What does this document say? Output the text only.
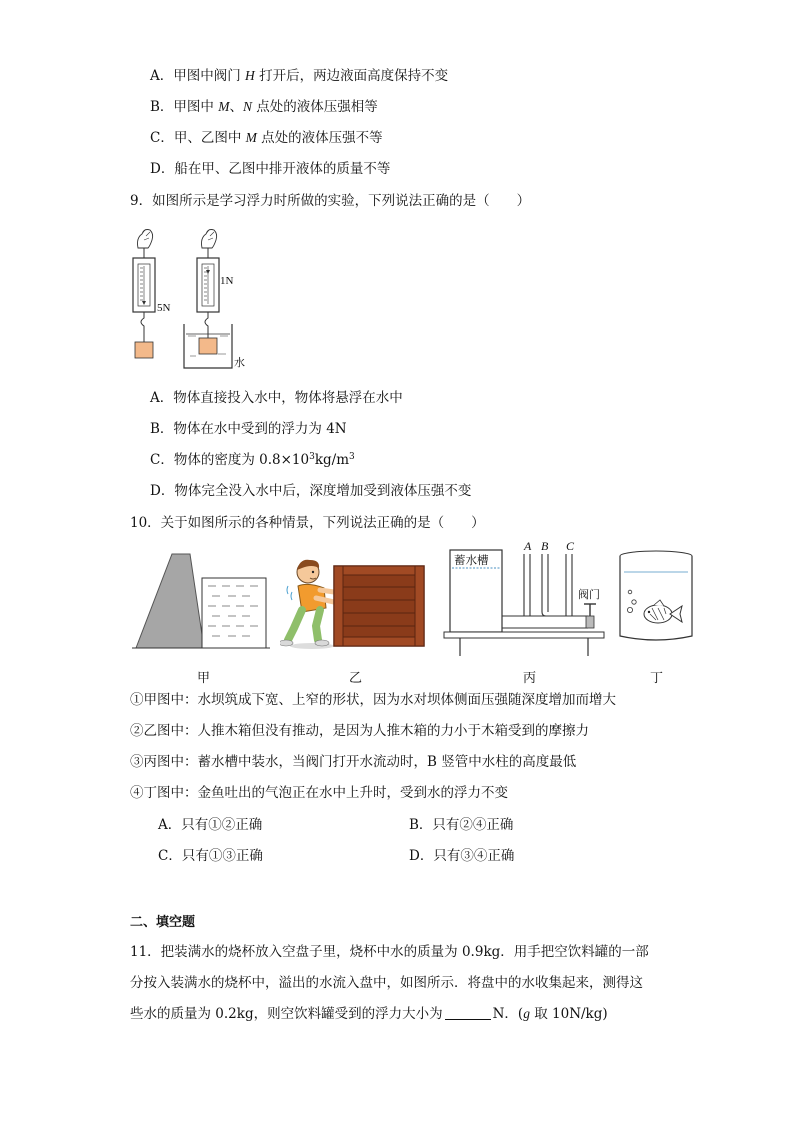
A．甲图中阀门 H 打开后，两边液面高度保持不变
B．甲图中 M、N 点处的液体压强相等
C．甲、乙图中 M 点处的液体压强不等
D．船在甲、乙图中排开液体的质量不等
9．如图所示是学习浮力时所做的实验，下列说法正确的是（　　）
5N
1N
水
A．物体直接投入水中，物体将悬浮在水中
B．物体在水中受到的浮力为 4N
C．物体的密度为 $0.8\times 10^3kg/m^3$
D．物体完全没入水中后，深度增加受到液体压强不变
10．关于如图所示的各种情景，下列说法正确的是（　　）
蓄水槽
A B C
阀门
甲	乙	丙	丁
①甲图中：水坝筑成下宽、上窄的形状，因为水对坝体侧面压强随深度增加而增大
②乙图中：人推木箱但没有推动，是因为人推木箱的力小于木箱受到的摩擦力
③丙图中：蓄水槽中装水，当阀门打开水流动时，B 竖管中水柱的高度最低
④丁图中：金鱼吐出的气泡正在水中上升时，受到水的浮力不变
A．只有①②正确	B．只有②④正确
C．只有①③正确	D．只有③④正确
二、填空题
11．把装满水的烧杯放入空盘子里，烧杯中水的质量为 0.9kg．用手把空饮料罐的一部
分按入装满水的烧杯中，溢出的水流入盘中，如图所示．将盘中的水收集起来，测得这
些水的质量为 0.2kg，则空饮料罐受到的浮力大小为	N．(g 取 10N/kg)
